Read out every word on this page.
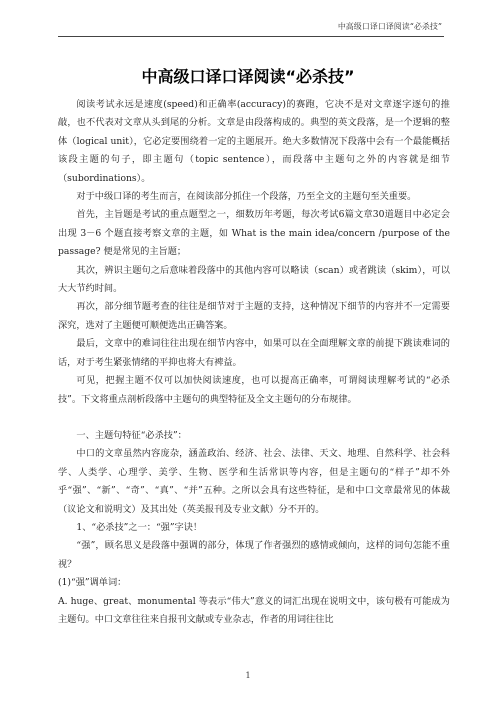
中高级口译口译阅读“必杀技”
中高级口译口译阅读“必杀技”

阅读考试永远是速度(speed)和正确率(accuracy)的赛跑，它决不是对文章逐字逐句的推敲，也不代表对文章从头到尾的分析。文章是由段落构成的。典型的英文段落，是一个逻辑的整体（logical unit），它必定要围绕着一定的主题展开。绝大多数情况下段落中会有一个最能概括该段主题的句子，即主题句（topic sentence），而段落中主题句之外的内容就是细节（subordinations）。

对于中级口译的考生而言，在阅读部分抓住一个段落，乃至全文的主题句至关重要。

首先，主旨题是考试的重点题型之一，细数历年考题，每次考试6篇文章30道题目中必定会出现 3－6 个题直接考察文章的主题，如 What is the main idea/concern /purpose of the passage? 便是常见的主旨题；

其次，辨识主题句之后意味着段落中的其他内容可以略读（scan）或者跳读（skim），可以大大节约时间。

再次，部分细节题考查的往往是细节对于主题的支持，这种情况下细节的内容并不一定需要深究，选对了主题便可顺便选出正确答案。

最后，文章中的难词往往出现在细节内容中，如果可以在全面理解文章的前提下跳读难词的话，对于考生紧张情绪的平抑也将大有裨益。

可见，把握主题不仅可以加快阅读速度，也可以提高正确率，可谓阅读理解考试的“必杀技”。下文将重点剖析段落中主题句的典型特征及全文主题句的分布规律。

一、主题句特征“必杀技”：

中口的文章虽然内容庞杂，涵盖政治、经济、社会、法律、天文、地理、自然科学、社会科学、人类学、心理学、美学、生物、医学和生活常识等内容，但是主题句的“样子”却不外乎“强”、“新”、“奇”、“真”、“并”五种。之所以会具有这些特征，是和中口文章最常见的体裁（议论文和说明文）及其出处（英美报刊及专业文献）分不开的。

1、“必杀技”之一：“强”字诀！

“强”，顾名思义是段落中强调的部分，体现了作者强烈的感情或倾向，这样的词句怎能不重视？

(1)“强”调单词：

A. huge、great、monumental 等表示“伟大”意义的词汇出现在说明文中，该句极有可能成为主题句。中口文章往往来自报刊文献或专业杂志，作者的用词往往比

1
